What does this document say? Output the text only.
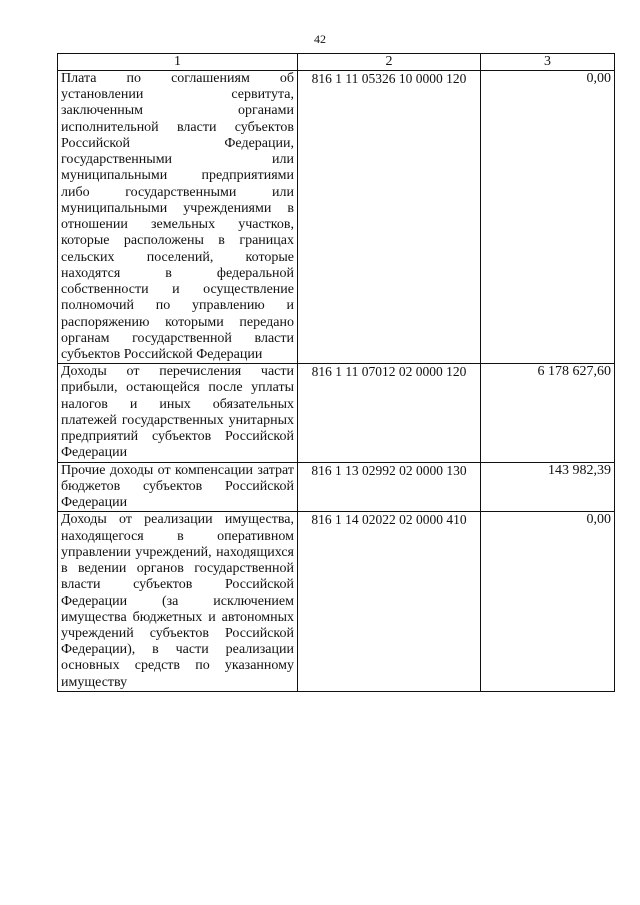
42
1	2	3
Плата по соглашениям об установлении сервитута, заключенным органами исполнительной власти субъектов Российской Федерации, государственными или муниципальными предприятиями либо государственными или муниципальными учреждениями в отношении земельных участков, которые расположены в границах сельских поселений, которые находятся в федеральной собственности и осуществление полномочий по управлению и распоряжению которыми передано органам государственной власти субъектов Российской Федерации	816 1 11 05326 10 0000 120	0,00
Доходы от перечисления части прибыли, остающейся после уплаты налогов и иных обязательных платежей государственных унитарных предприятий субъектов Российской Федерации	816 1 11 07012 02 0000 120	6 178 627,60
Прочие доходы от компенсации затрат бюджетов субъектов Российской Федерации	816 1 13 02992 02 0000 130	143 982,39
Доходы от реализации имущества, находящегося в оперативном управлении учреждений, находящихся в ведении органов государственной власти субъектов Российской Федерации (за исключением имущества бюджетных и автономных учреждений субъектов Российской Федерации), в части реализации основных средств по указанному имуществу	816 1 14 02022 02 0000 410	0,00
